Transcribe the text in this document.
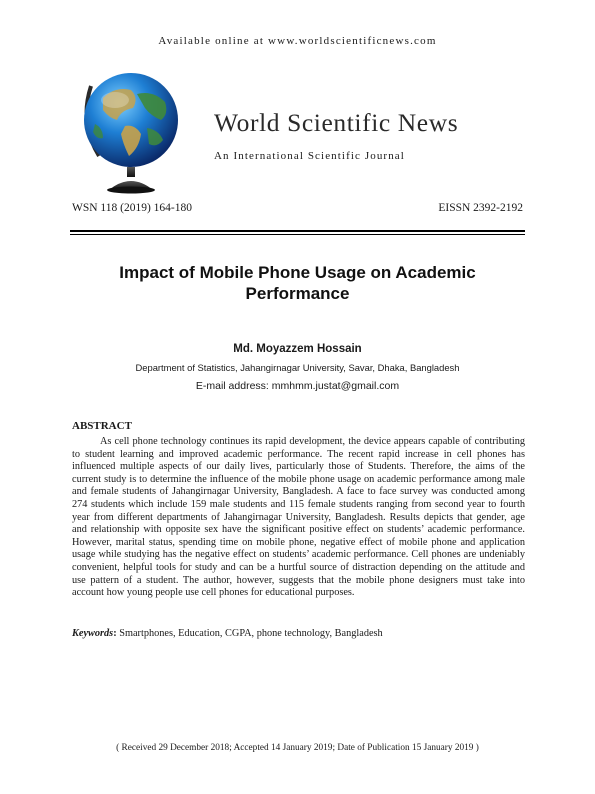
Available online at www.worldscientificnews.com
World Scientific News
An International Scientific Journal
WSN 118 (2019) 164-180	EISSN 2392-2192
Impact of Mobile Phone Usage on Academic Performance
Md. Moyazzem Hossain
Department of Statistics, Jahangirnagar University, Savar, Dhaka, Bangladesh
E-mail address: mmhmm.justat@gmail.com
ABSTRACT
As cell phone technology continues its rapid development, the device appears capable of contributing to student learning and improved academic performance. The recent rapid increase in cell phones has influenced multiple aspects of our daily lives, particularly those of Students. Therefore, the aims of the current study is to determine the influence of the mobile phone usage on academic performance among male and female students of Jahangirnagar University, Bangladesh. A face to face survey was conducted among 274 students which include 159 male students and 115 female students ranging from second year to fourth year from different departments of Jahangirnagar University, Bangladesh. Results depicts that gender, age and relationship with opposite sex have the significant positive effect on students’ academic performance. However, marital status, spending time on mobile phone, negative effect of mobile phone and application usage while studying has the negative effect on students’ academic performance. Cell phones are undeniably convenient, helpful tools for study and can be a hurtful source of distraction depending on the attitude and use pattern of a student. The author, however, suggests that the mobile phone designers must take into account how young people use cell phones for educational purposes.
Keywords: Smartphones, Education, CGPA, phone technology, Bangladesh
( Received 29 December 2018; Accepted 14 January 2019; Date of Publication 15 January 2019 )
